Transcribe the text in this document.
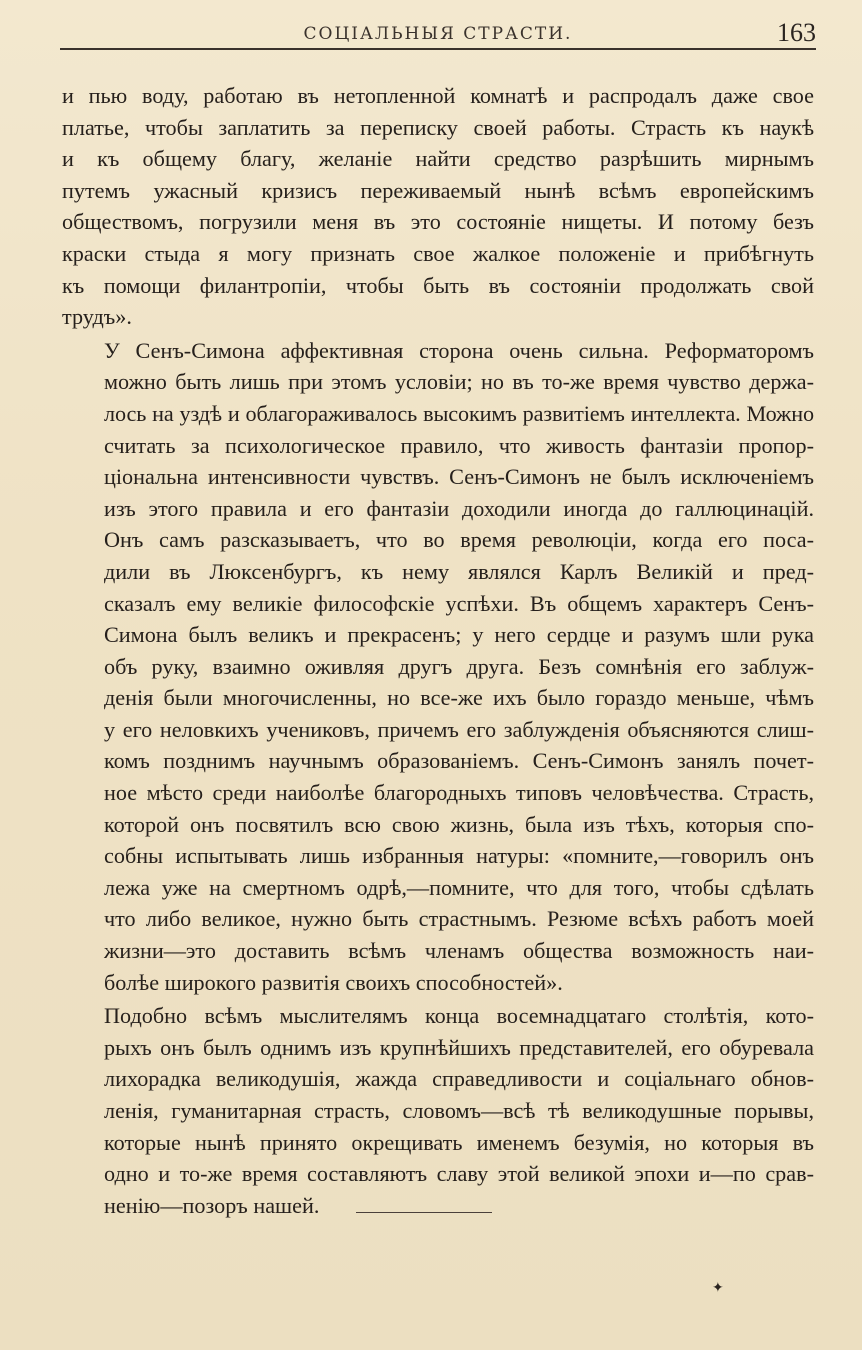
СОЦІАЛЬНЫЯ СТРАСТИ.	163
и пью воду, работаю въ нетопленной комнатѣ и распродалъ даже свое
платье, чтобы заплатить за переписку своей работы. Страсть къ наукѣ
и къ общему благу, желаніе найти средство разрѣшить мирнымъ
путемъ ужасный кризисъ переживаемый нынѣ всѣмъ европейскимъ
обществомъ, погрузили меня въ это состояніе нищеты. И потому безъ
краски стыда я могу признать свое жалкое положеніе и прибѣгнуть
къ помощи филантропіи, чтобы быть въ состояніи продолжать свой
трудъ».
У Сенъ-Симона аффективная сторона очень сильна. Реформаторомъ
можно быть лишь при этомъ условіи; но въ то-же время чувство держа-
лось на уздѣ и облагораживалось высокимъ развитіемъ интеллекта. Можно
считать за психологическое правило, что живость фантазіи пропор-
ціональна интенсивности чувствъ. Сенъ-Симонъ не былъ исключеніемъ
изъ этого правила и его фантазіи доходили иногда до галлюцинацій.
Онъ самъ разсказываетъ, что во время революціи, когда его поса-
дили въ Люксенбургъ, къ нему являлся Карлъ Великій и пред-
сказалъ ему великіе философскіе успѣхи. Въ общемъ характеръ Сенъ-
Симона былъ великъ и прекрасенъ; у него сердце и разумъ шли рука
объ руку, взаимно оживляя другъ друга. Безъ сомнѣнія его заблуж-
денія были многочисленны, но все-же ихъ было гораздо меньше, чѣмъ
у его неловкихъ учениковъ, причемъ его заблужденія объясняются слиш-
комъ позднимъ научнымъ образованіемъ. Сенъ-Симонъ занялъ почет-
ное мѣсто среди наиболѣе благородныхъ типовъ человѣчества. Страсть,
которой онъ посвятилъ всю свою жизнь, была изъ тѣхъ, которыя спо-
собны испытывать лишь избранныя натуры: «помните,—говорилъ онъ
лежа уже на смертномъ одрѣ,—помните, что для того, чтобы сдѣлать
что либо великое, нужно быть страстнымъ. Резюме всѣхъ работъ моей
жизни—это доставить всѣмъ членамъ общества возможность наи-
болѣе широкого развитія своихъ способностей».
Подобно всѣмъ мыслителямъ конца восемнадцатаго столѣтія, кото-
рыхъ онъ былъ однимъ изъ крупнѣйшихъ представителей, его обуревала
лихорадка великодушія, жажда справедливости и соціальнаго обнов-
ленія, гуманитарная страсть, словомъ—всѣ тѣ великодушные порывы,
которые нынѣ принято окрещивать именемъ безумія, но которыя въ
одно и то-же время составляютъ славу этой великой эпохи и—по срав-
ненію—позоръ нашей.
✦
